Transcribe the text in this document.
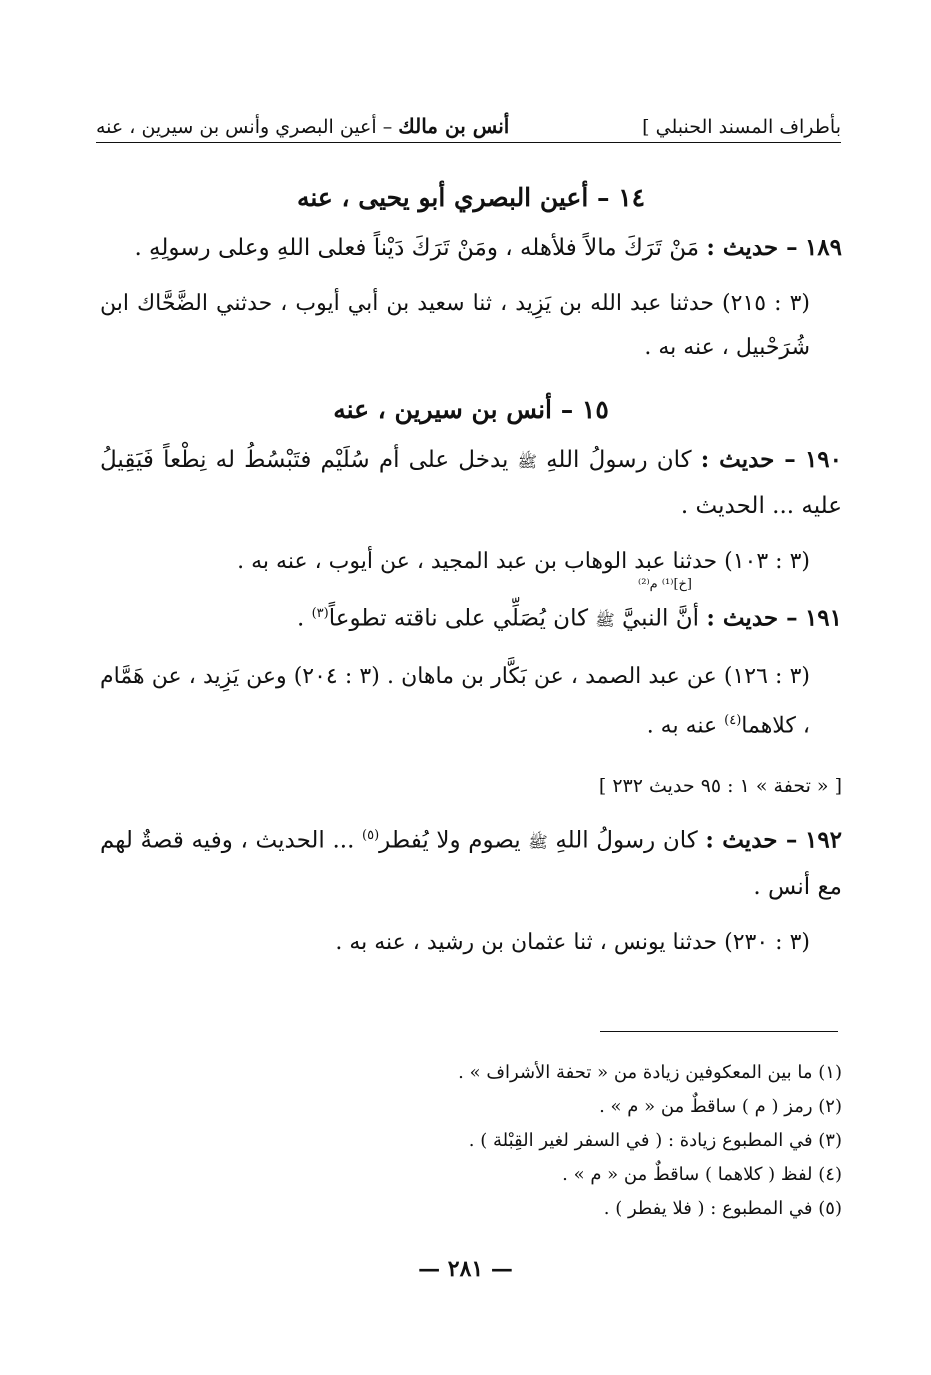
بأطراف المسند الحنبلي ]
أنس بن مالك – أعين البصري وأنس بن سيرين ، عنه
١٤ – أعين البصري أبو يحيى ، عنه

١٨٩ – حديث : مَنْ تَرَكَ مالاً فلأهله ، ومَنْ تَرَكَ دَيْناً فعلى اللهِ وعلى رسولِهِ .

(٣ : ٢١٥) حدثنا عبد الله بن يَزِيد ، ثنا سعيد بن أبي أيوب ، حدثني الضَّحَّاك ابن شُرَحْبيل ، عنه به .

١٥ – أنس بن سيرين ، عنه

١٩٠ – حديث : كان رسولُ اللهِ ﷺ يدخل على أم سُلَيْم فتَبْسُطُ له نِطْعاً فَيَقِيلُ عليه ... الحديث .

(٣ : ١٠٣) حدثنا عبد الوهاب بن عبد المجيد ، عن أيوب ، عنه به .

[خ]⁽¹⁾ م⁽²⁾

١٩١ – حديث : أنَّ النبيَّ ﷺ كان يُصَلِّي على ناقته تطوعاً$^{(٣)}$ .

(٣ : ١٢٦) عن عبد الصمد ، عن بَكَّار بن ماهان . (٣ : ٢٠٤) وعن يَزِيد ، عن هَمَّام ، كلاهما$^{(٤)}$ عنه به .

[ « تحفة » ١ : ٩٥ حديث ٢٣٢ ]

١٩٢ – حديث : كان رسولُ اللهِ ﷺ يصوم ولا يُفطر$^{(٥)}$ ... الحديث ، وفيه قصةٌ لهم مع أنس .

(٣ : ٢٣٠) حدثنا يونس ، ثنا عثمان بن رشيد ، عنه به .

(١) ما بين المعكوفين زيادة من « تحفة الأشراف » .
(٢) رمز ( م ) ساقطٌ من « م » .
(٣) في المطبوع زيادة : ( في السفر لغير القِبْلة ) .
(٤) لفظ ( كلاهما ) ساقطٌ من « م » .
(٥) في المطبوع : ( فلا يفطر ) .
— ٢٨١ —
